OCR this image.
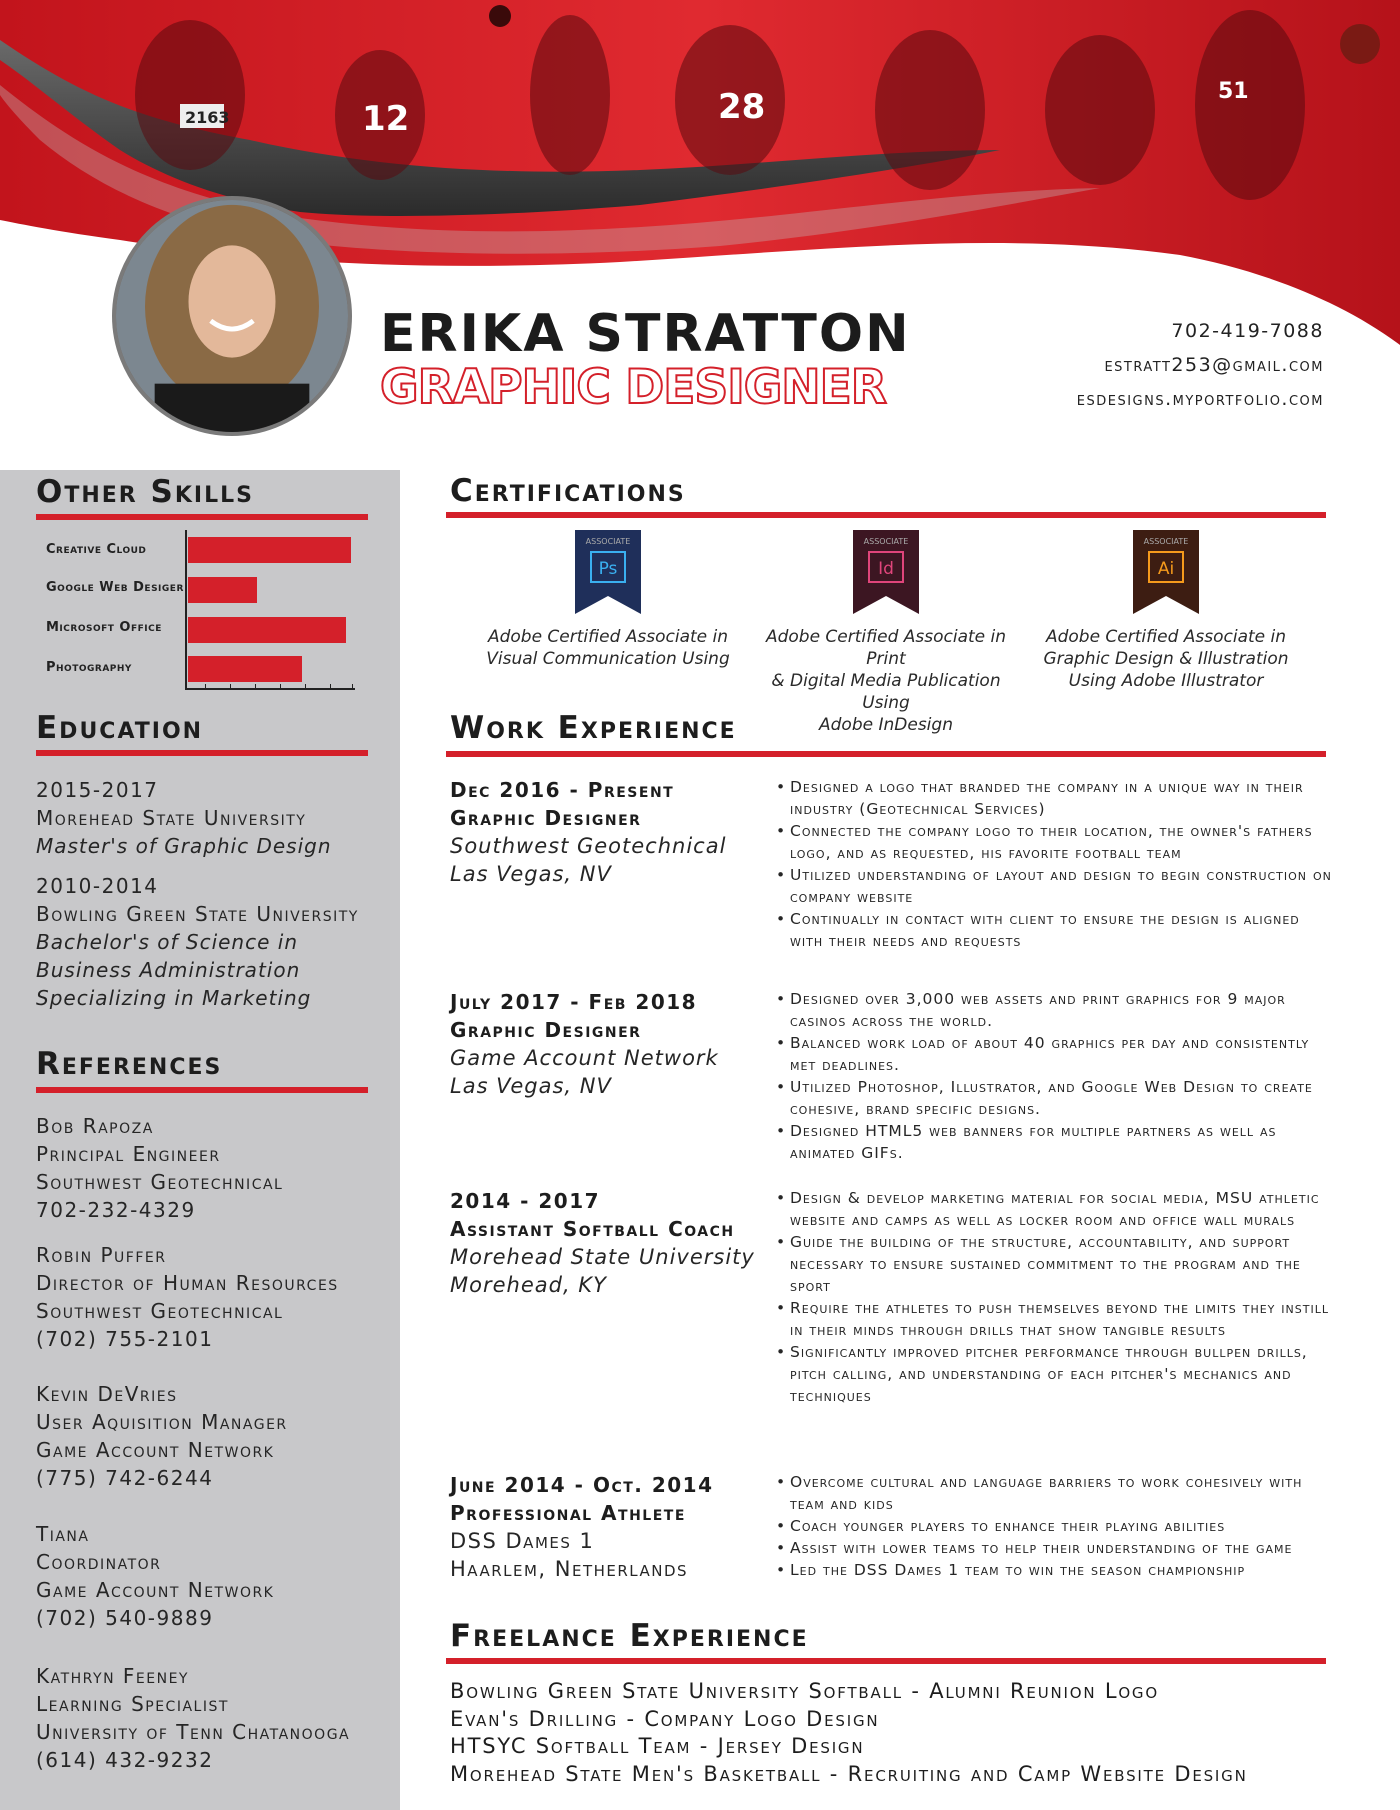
2163	12	28	51
ERIKA STRATTON
GRAPHIC DESIGNER
702-419-7088
estratt253@gmail.com
esdesigns.myportfolio.com
Other Skills
Creative Cloud
Google Web Desiger
Microsoft Office
Photography
Education
2015-2017
Morehead State University
Master's of Graphic Design
2010-2014
Bowling Green State University
Bachelor's of Science in
Business Administration
Specializing in Marketing
References
Bob Rapoza
Principal Engineer
Southwest Geotechnical
702-232-4329
Robin Puffer
Director of Human Resources
Southwest Geotechnical
(702) 755-2101
Kevin DeVries
User Aquisition Manager
Game Account Network
(775) 742-6244
Tiana
Coordinator
Game Account Network
(702) 540-9889
Kathryn Feeney
Learning Specialist
University of Tenn Chatanooga
(614) 432-9232
Certifications
ASSOCIATE
Ps
Adobe Certified Associate in
Visual Communication Using
ASSOCIATE
Id
Adobe Certified Associate in Print
& Digital Media Publication Using
Adobe InDesign
ASSOCIATE
Ai
Adobe Certified Associate in
Graphic Design & Illustration
Using Adobe Illustrator
Work Experience
Dec 2016 - Present
Graphic Designer
Southwest Geotechnical
Las Vegas, NV
• Designed a logo that branded the company in a unique way in their industry (Geotechnical Services)
• Connected the company logo to their location, the owner's fathers logo, and as requested, his favorite football team
• Utilized understanding of layout and design to begin construction on company website
• Continually in contact with client to ensure the design is aligned with their needs and requests
July 2017 - Feb 2018
Graphic Designer
Game Account Network
Las Vegas, NV
• Designed over 3,000 web assets and print graphics for 9 major casinos across the world.
• Balanced work load of about 40 graphics per day and consistently met deadlines.
• Utilized Photoshop, Illustrator, and Google Web Design to create cohesive, brand specific designs.
• Designed HTML5 web banners for multiple partners as well as animated GIFs.
2014 - 2017
Assistant Softball Coach
Morehead State University
Morehead, KY
• Design & develop marketing material for social media, MSU athletic website and camps as well as locker room and office wall murals
• Guide the building of the structure, accountability, and support necessary to ensure sustained commitment to the program and the sport
• Require the athletes to push themselves beyond the limits they instill in their minds through drills that show tangible results
• Significantly improved pitcher performance through bullpen drills, pitch calling, and understanding of each pitcher's mechanics and techniques
June 2014 - Oct. 2014
Professional Athlete
DSS Dames 1
Haarlem, Netherlands
• Overcome cultural and language barriers to work cohesively with team and kids
• Coach younger players to enhance their playing abilities
• Assist with lower teams to help their understanding of the game
• Led the DSS Dames 1 team to win the season championship
Freelance Experience
Bowling Green State University Softball - Alumni Reunion Logo
Evan's Drilling - Company Logo Design
HTSYC Softball Team - Jersey Design
Morehead State Men's Basketball - Recruiting and Camp Website Design
